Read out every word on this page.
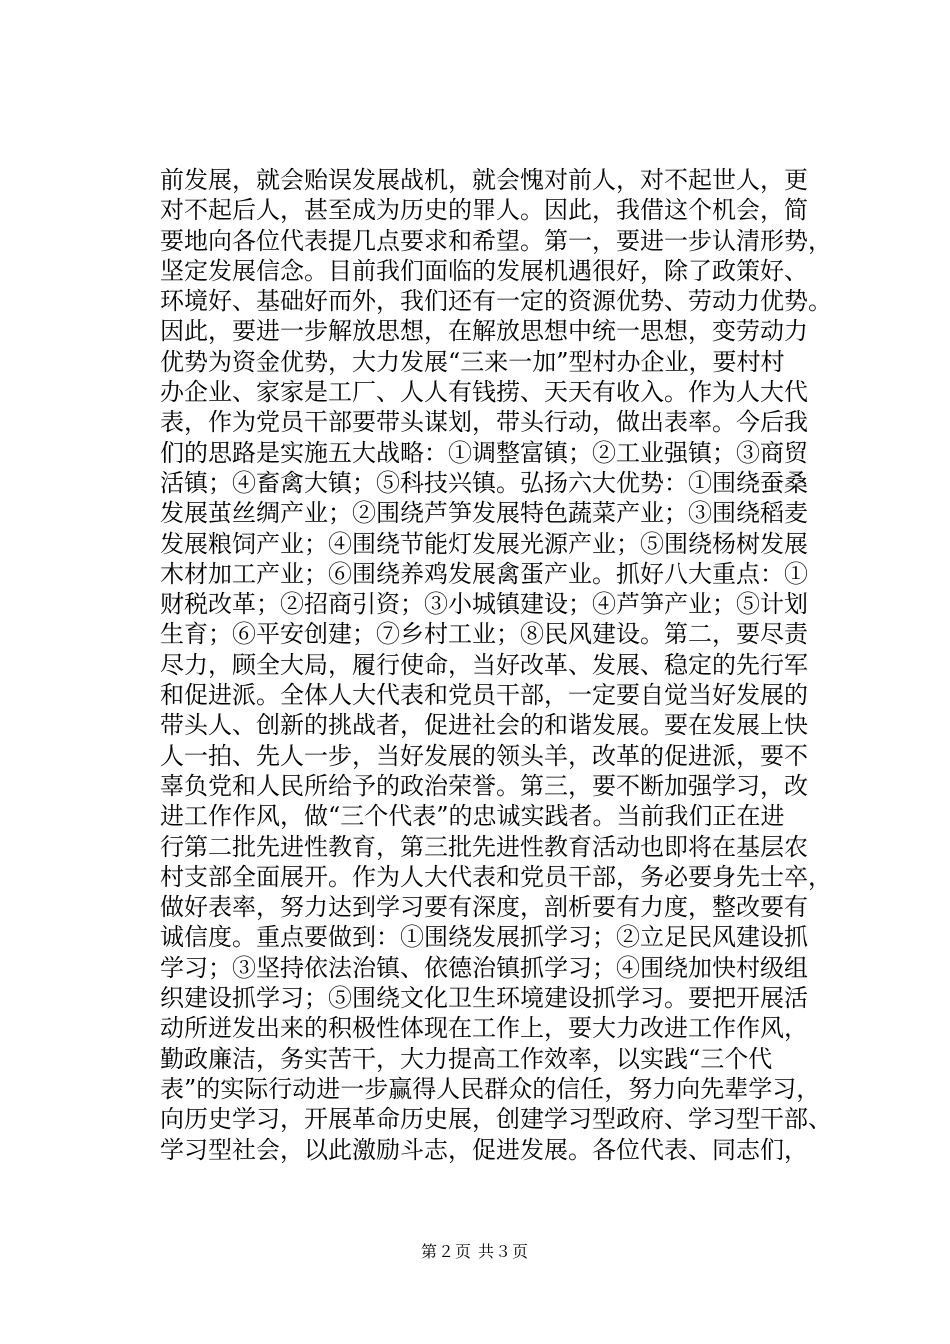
前发展，就会贻误发展战机，就会愧对前人，对不起世人，更
对不起后人，甚至成为历史的罪人。因此，我借这个机会，简
要地向各位代表提几点要求和希望。第一，要进一步认清形势，
坚定发展信念。目前我们面临的发展机遇很好，除了政策好、
环境好、基础好而外，我们还有一定的资源优势、劳动力优势。
因此，要进一步解放思想，在解放思想中统一思想，变劳动力
优势为资金优势，大力发展“三来一加”型村办企业，要村村
办企业、家家是工厂、人人有钱捞、天天有收入。作为人大代
表，作为党员干部要带头谋划，带头行动，做出表率。今后我
们的思路是实施五大战略：①调整富镇；②工业强镇；③商贸
活镇；④畜禽大镇；⑤科技兴镇。弘扬六大优势：①围绕蚕桑
发展茧丝绸产业；②围绕芦笋发展特色蔬菜产业；③围绕稻麦
发展粮饲产业；④围绕节能灯发展光源产业；⑤围绕杨树发展
木材加工产业；⑥围绕养鸡发展禽蛋产业。抓好八大重点：①
财税改革；②招商引资；③小城镇建设；④芦笋产业；⑤计划
生育；⑥平安创建；⑦乡村工业；⑧民风建设。第二，要尽责
尽力，顾全大局，履行使命，当好改革、发展、稳定的先行军
和促进派。全体人大代表和党员干部，一定要自觉当好发展的
带头人、创新的挑战者，促进社会的和谐发展。要在发展上快
人一拍、先人一步，当好发展的领头羊，改革的促进派，要不
辜负党和人民所给予的政治荣誉。第三，要不断加强学习，改
进工作作风，做“三个代表”的忠诚实践者。当前我们正在进
行第二批先进性教育，第三批先进性教育活动也即将在基层农
村支部全面展开。作为人大代表和党员干部，务必要身先士卒，
做好表率，努力达到学习要有深度，剖析要有力度，整改要有
诚信度。重点要做到：①围绕发展抓学习；②立足民风建设抓
学习；③坚持依法治镇、依德治镇抓学习；④围绕加快村级组
织建设抓学习；⑤围绕文化卫生环境建设抓学习。要把开展活
动所迸发出来的积极性体现在工作上，要大力改进工作作风，
勤政廉洁，务实苦干，大力提高工作效率，以实践“三个代
表”的实际行动进一步赢得人民群众的信任，努力向先辈学习，
向历史学习，开展革命历史展，创建学习型政府、学习型干部、
学习型社会，以此激励斗志，促进发展。各位代表、同志们，
第２页 共３页
